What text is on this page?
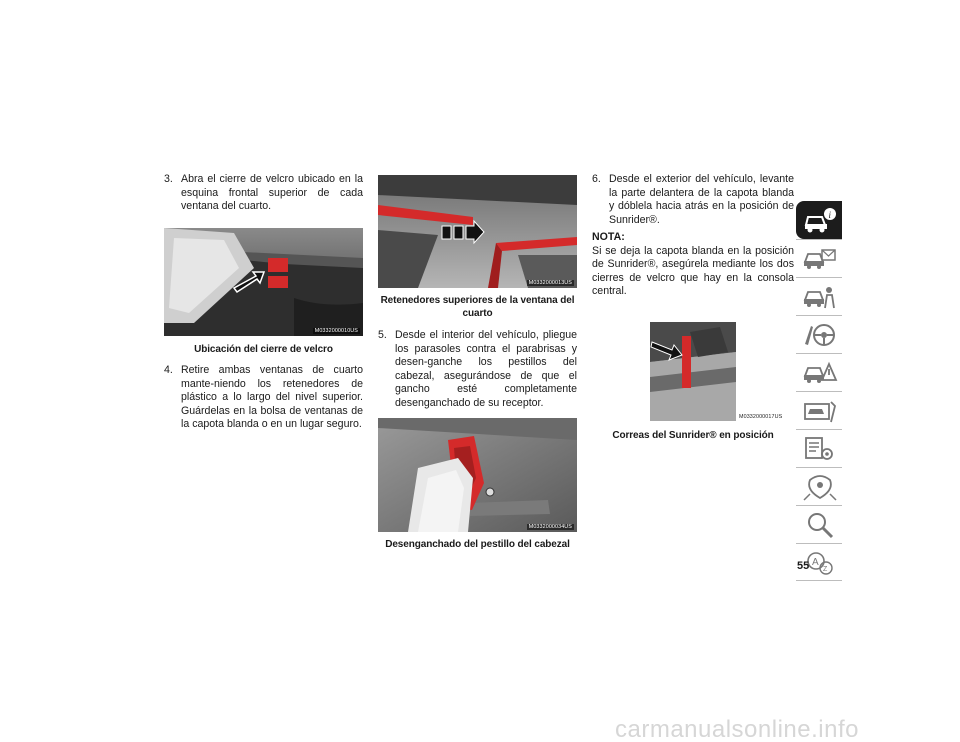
3. Abra el cierre de velcro ubicado en la esquina frontal superior de cada ventana del cuarto.
M0332000010US
Ubicación del cierre de velcro
4. Retire ambas ventanas de cuarto mante-niendo los retenedores de plástico a lo largo del nivel superior. Guárdelas en la bolsa de ventanas de la capota blanda o en un lugar seguro.
M0332000013US
Retenedores superiores de la ventana del cuarto
5. Desde el interior del vehículo, pliegue los parasoles contra el parabrisas y desen-ganche los pestillos del cabezal, asegurándose de que el gancho esté completamente desenganchado de su receptor.
M0332000034US
Desenganchado del pestillo del cabezal
6. Desde el exterior del vehículo, levante la parte delantera de la capota blanda y dóblela hacia atrás en la posición de Sunrider®.
NOTA:
Si se deja la capota blanda en la posición de Sunrider®, asegúrela mediante los dos cierres de velcro que hay en la consola central.
M0332000017US
Correas del Sunrider® en posición
i
A
Z
55
carmanualsonline.info
